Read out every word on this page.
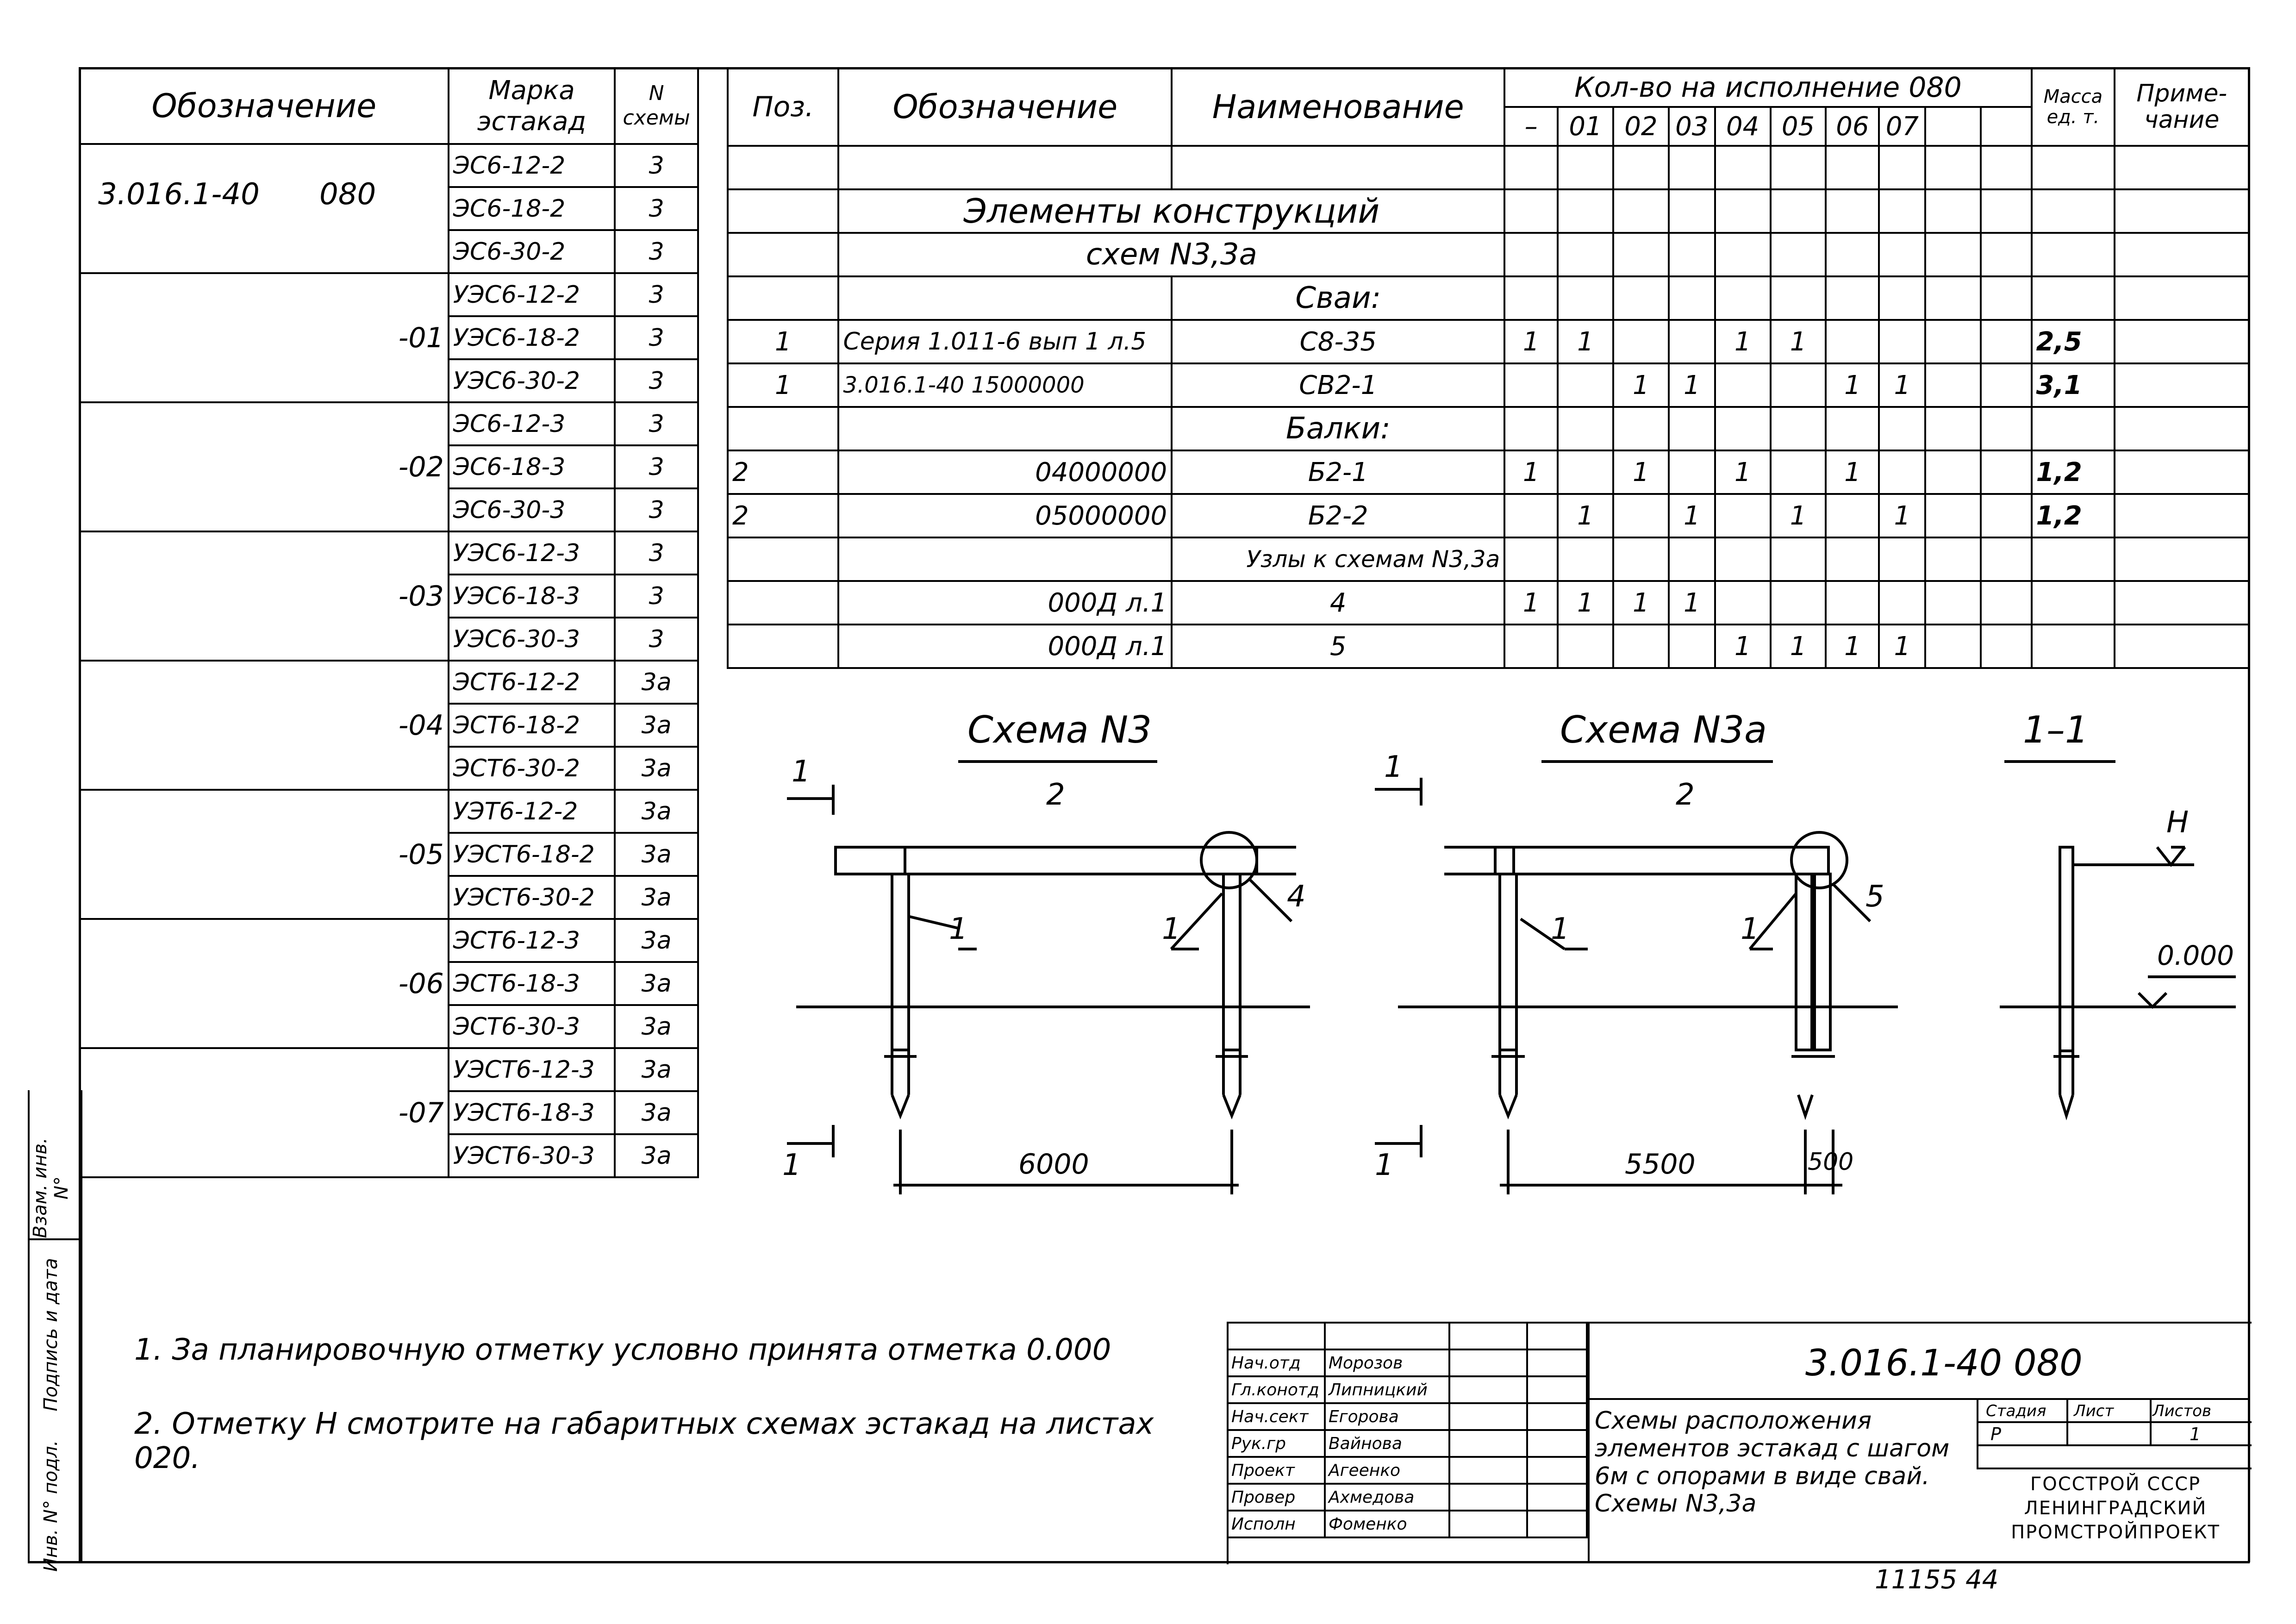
Взам. инв. N°
Подпись и дата
Инв. N° подл.
Обозначение	Марка эстакад	N схемы
3.016.1-40 080	ЭС6-12-2	3
	ЭС6-18-2	3
	ЭС6-30-2	3
-01	УЭС6-12-2	3
	УЭС6-18-2	3
	УЭС6-30-2	3
-02	ЭС6-12-3	3
	ЭС6-18-3	3
	ЭС6-30-3	3
-03	УЭС6-12-3	3
	УЭС6-18-3	3
	УЭС6-30-3	3
-04	ЭСТ6-12-2	3а
	ЭСТ6-18-2	3а
	ЭСТ6-30-2	3а
-05	УЭТ6-12-2	3а
	УЭСТ6-18-2	3а
	УЭСТ6-30-2	3а
-06	ЭСТ6-12-3	3а
	ЭСТ6-18-3	3а
	ЭСТ6-30-3	3а
-07	УЭСТ6-12-3	3а
	УЭСТ6-18-3	3а
	УЭСТ6-30-3	3а
Поз.	Обозначение	Наименование	Кол-во на исполнение 080										Масса ед. т.	Приме- чание
			–	01	02	03	04	05	06	07				

	Элементы конструкций													
	схем N3,3а													
		Сваи:												
1	Серия 1.011-6 вып 1 л.5	С8-35	1	1			1	1					2,5	
1	3.016.1-40 15000000	СВ2-1			1	1			1	1			3,1	
		Балки:												
2	04000000	Б2-1	1		1		1		1				1,2	
2	05000000	Б2-2		1		1		1		1			1,2	
		Узлы к схемам N3,3а												
	000Д л.1	4	1	1	1	1								
	000Д л.1	5					1	1	1	1				
Схема N3	Схема N3а	1–1
1
1
1
1
2	2
1	1	1	1
4	5
6000	5500	500
H
0.000
1. За планировочную отметку условно принята отметка 0.000
2. Отметку Н смотрите на габаритных схемах эстакад на листах 020.

Нач.отд	Морозов		
Гл.конотд	Липницкий		
Нач.сект	Егорова		
Рук.гр	Вайнова		
Проект	Агеенко		
Провер	Ахмедова		
Исполн	Фоменко		
3.016.1-40 080
Схемы расположения элементов эстакад с шагом 6м с опорами в виде свай. Схемы N3,3а
Стадия Лист Листов
Р	1
ГОССТРОЙ СССР ЛЕНИНГРАДСКИЙ ПРОМСТРОЙПРОЕКТ
11155 44
